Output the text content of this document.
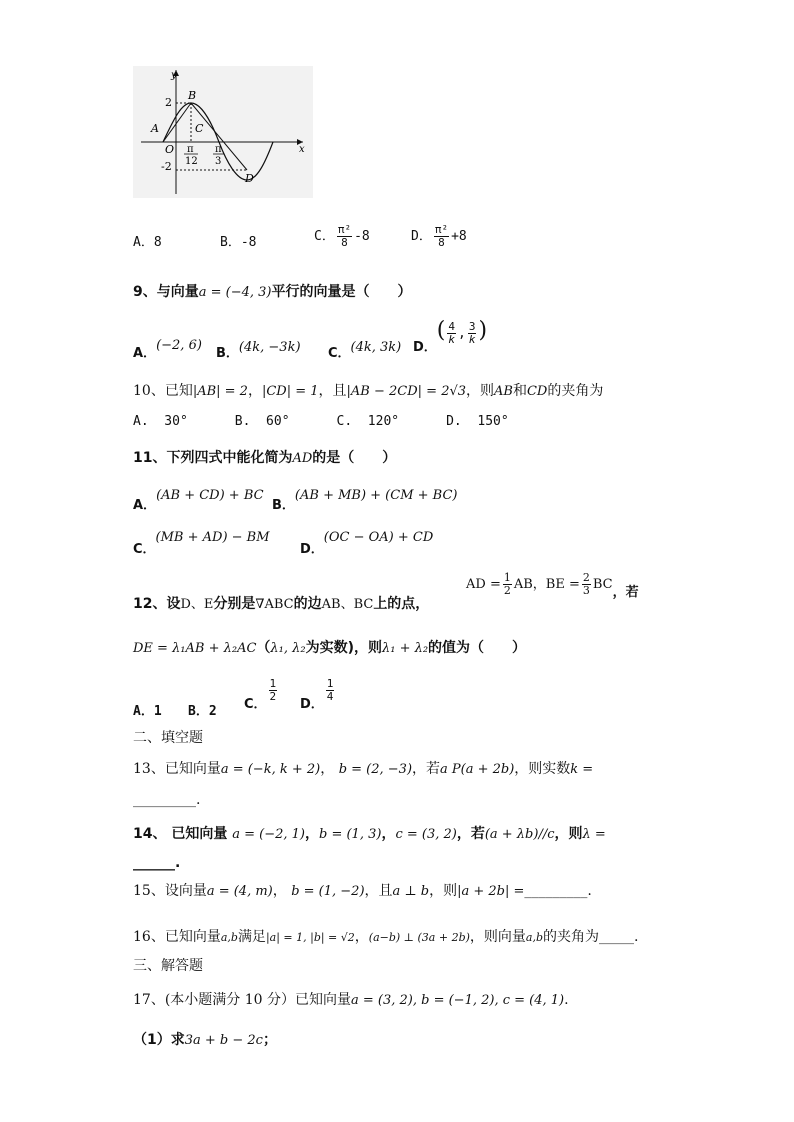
y
x
O
A
B
C
D
2
-2
π
12
π
3
A．8	B．-8	C． $\frac{\text{π²}}{8} -8$	D． $\frac{\text{π²}}{8} +8$
9、与向量a = (−4, 3)平行的向量是（　　）
A．(−2, 6)
B．(4k, −3k) C．(4k, 3k) D．( $\frac{4}{k}$ , $\frac{3}{k}$ )
10、已知|AB| = 2，|CD| = 1，且|AB − 2CD| = 2√3，则AB和CD的夹角为
A.  30°      B.  60°      C.  120°      D.  150°
11、下列四式中能化简为AD的是（　　）
A．(AB + CD) + BC
B．(AB + MB) + (CM + BC)
C．(MB + AD) − BM
D．(OC − OA) + CD
12、设D、E分别是∇ABC的边AB、BC上的点，
AD = $\frac{1}{2}$ AB，BE = $\frac{2}{3}$ BC，若
DE = λ₁AB + λ₂AC（λ₁, λ₂为实数)，则λ₁ + λ₂的值为（　　）
A．1 B．2 C．
$\frac{1}{2}$
D．
$\frac{1}{4}$
二、填空题
13、已知向量a = (−k, k + 2)， b = (2, −3)，若a P(a + 2b)，则实数k =
_________.
14、 已知向量 a = (−2, 1)，b = (1, 3)，c = (3, 2)，若(a + λb)//c，则λ =
______.
15、设向量a = (4, m)， b = (1, −2)，且a ⊥ b，则|a + 2b| =_________.
16、已知向量a,b满足|a| = 1, |b| = √2，(a−b) ⊥ (3a + 2b)，则向量a,b的夹角为_____.
三、解答题
17、(本小题满分 10 分）已知向量a = (3, 2), b = (−1, 2), c = (4, 1).
（1）求3a + b − 2c；
